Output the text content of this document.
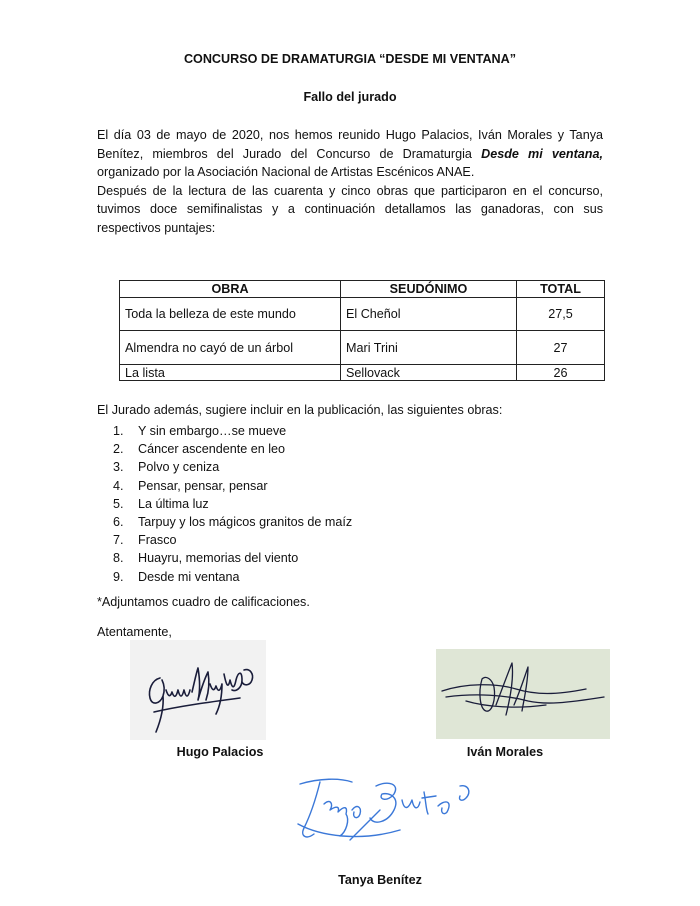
CONCURSO DE DRAMATURGIA “DESDE MI VENTANA”
Fallo del jurado

El día 03 de mayo de 2020, nos hemos reunido Hugo Palacios, Iván Morales y Tanya Benítez, miembros del Jurado del Concurso de Dramaturgia Desde mi ventana, organizado por la Asociación Nacional de Artistas Escénicos ANAE.

Después de la lectura de las cuarenta y cinco obras que participaron en el concurso, tuvimos doce semifinalistas y a continuación detallamos las ganadoras, con sus respectivos puntajes:

OBRA	SEUDÓNIMO	TOTAL
Toda la belleza de este mundo	El Cheñol	27,5
Almendra no cayó de un árbol	Mari Trini	27
La lista	Sellovack	26
El Jurado además, sugiere incluir en la publicación, las siguientes obras:
1. Y sin embargo…se mueve
2. Cáncer ascendente en leo
3. Polvo y ceniza
4. Pensar, pensar, pensar
5. La última luz
6. Tarpuy y los mágicos granitos de maíz
7. Frasco
8. Huayru, memorias del viento
9. Desde mi ventana
*Adjuntamos cuadro de calificaciones.
Atentamente,
Hugo Palacios	Iván Morales
Tanya Benítez
